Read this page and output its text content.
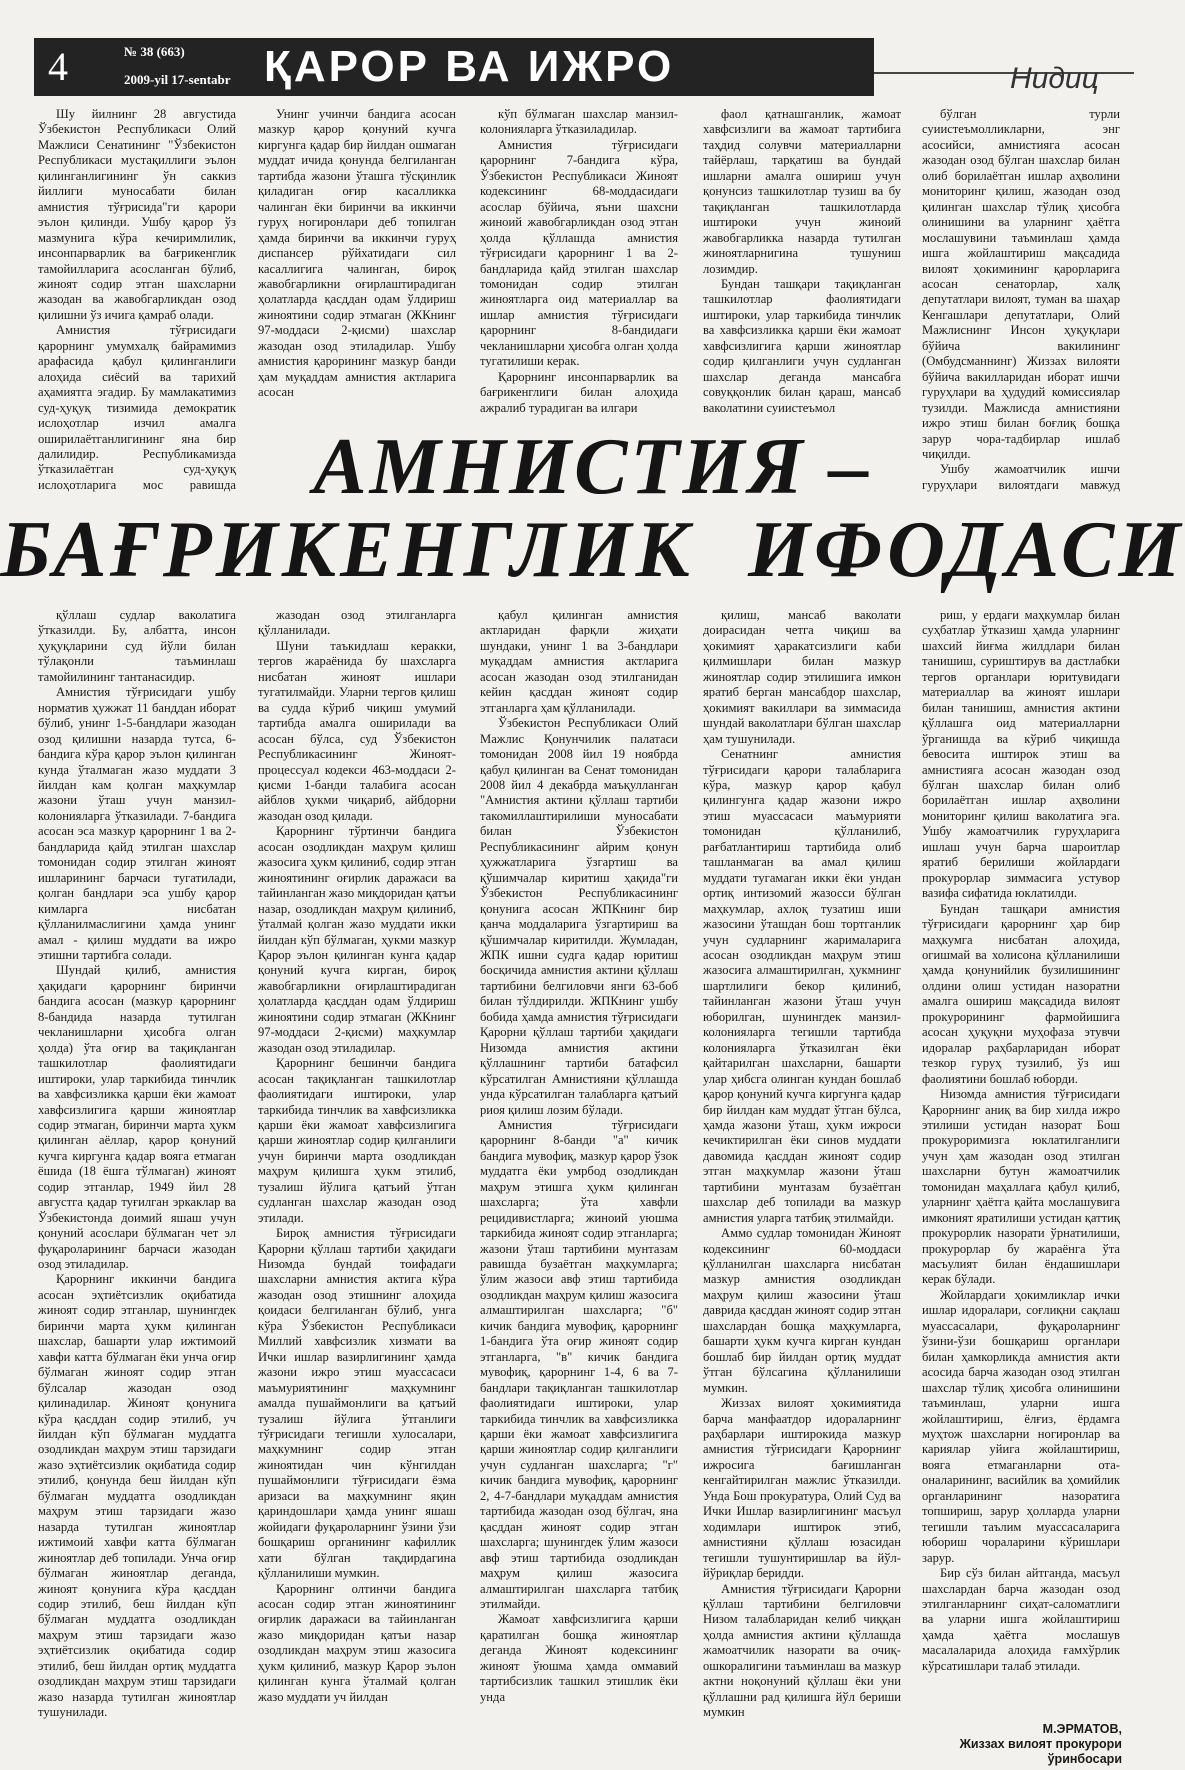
4	№ 38 (663)
2009-yil 17-sentabr ҚАРОР ВА ИЖРО	Нидиц

Шу йилнинг 28 августида Ўзбекистон Республикаси Олий Мажлиси Сенатининг "Ўзбекистон Республикаси мустақиллиги эълон қилинганлигининг ўн саккиз йиллиги муносабати билан амнистия тўғрисида"ги қарори эълон қилинди. Ушбу қарор ўз мазмунига кўра кечиримлилик, инсонпарварлик ва бағрикенглик тамойилларига асосланган бўлиб, жиноят содир этган шахсларни жазодан ва жавобгарликдан озод қилишни ўз ичига қамраб олади.

Амнистия тўғрисидаги қарорнинг умумхалқ байрамимиз арафасида қабул қилинганлиги алоҳида сиёсий ва тарихий аҳамиятга эгадир. Бу мамлакатимиз суд-ҳуқуқ тизимида демократик ислоҳотлар изчил амалга оширилаётганлигининг яна бир далилидир. Республикамизда ўтказилаётган суд-ҳуқуқ ислоҳотларига мос равишда

Унинг учинчи бандига асосан мазкур қарор қонуний кучга киргунга қадар бир йилдан ошмаган муддат ичида қонунда белгиланган тартибда жазони ўташга тўсқинлик қиладиган оғир касалликка чалинган ёки биринчи ва иккинчи гуруҳ ногиронлари деб топилган ҳамда биринчи ва иккинчи гуруҳ диспансер рўйхатидаги сил касаллигига чалинган, бироқ жавобгарликни оғирлаштирадиган ҳолатларда қасддан одам ўлдириш жиноятини содир этмаган (ЖКнинг 97-моддаси 2-қисми) шахслар жазодан озод этиладилар. Ушбу амнистия қарорининг мазкур банди ҳам муқаддам амнистия актларига асосан

кўп бўлмаган шахслар манзил-колонияларга ўтказиладилар.

Амнистия тўғрисидаги қарорнинг 7-бандига кўра, Ўзбекистон Республикаси Жиноят кодексининг 68-моддасидаги асослар бўйича, яъни шахсни жиноий жавобгарликдан озод этган ҳолда қўллашда амнистия тўғрисидаги қарорнинг 1 ва 2-бандларида қайд этилган шахслар томонидан содир этилган жиноятларга оид материаллар ва ишлар амнистия тўғрисидаги қарорнинг 8-бандидаги чекланишларни ҳисобга олган ҳолда тугатилиши керак.

Қарорнинг инсонпарварлик ва бағрикенглиги билан алоҳида ажралиб турадиган ва илгари

фаол қатнашганлик, жамоат хавфсизлиги ва жамоат тартибига таҳдид солувчи материалларни тайёрлаш, тарқатиш ва бундай ишларни амалга ошириш учун қонунсиз ташкилотлар тузиш ва бу тақиқланган ташкилотларда иштироки учун жиноий жавобгарликка назарда тутилган жиноятларнигина тушуниш лозимдир.

Бундан ташқари тақиқланган ташкилотлар фаолиятидаги иштироки, улар таркибида тинчлик ва хавфсизликка қарши ёки жамоат хавфсизлигига қарши жиноятлар содир қилганлиги учун судланган шахслар деганда мансабга совуққонлик билан қараш, мансаб ваколатини суиистеъмол

бўлган турли суиистеъмолликларни, энг асосийси, амнистияга асосан жазодан озод бўлган шахслар билан олиб борилаётган ишлар аҳволини мониторинг қилиш, жазодан озод қилинган шахслар тўлиқ ҳисобга олинишини ва уларнинг ҳаётга мослашувини таъминлаш ҳамда ишга жойлаштириш мақсадида вилоят ҳокимининг қарорларига асосан сенаторлар, халқ депутатлари вилоят, туман ва шаҳар Кенгашлари депутатлари, Олий Мажлиснинг Инсон ҳуқуқлари бўйича вакилининг (Омбудсманнинг) Жиззах вилояти бўйича вакилларидан иборат ишчи гуруҳлари ва ҳудудий комиссиялар тузилди. Мажлисда амнистияни ижро этиш билан боғлиқ бошқа зарур чора-тадбирлар ишлаб чиқилди.

Ушбу жамоатчилик ишчи гуруҳлари вилоятдаги мавжуд

АМНИСТИЯ –
БАҒРИКЕНГЛИК ИФОДАСИ

қўллаш судлар ваколатига ўтказилди. Бу, албатта, инсон ҳуқуқларини суд йўли билан тўлақонли таъминлаш тамойилининг тантанасидир.

Амнистия тўғрисидаги ушбу норматив ҳужжат 11 банддан иборат бўлиб, унинг 1-5-бандлари жазодан озод қилишни назарда тутса, 6-бандига кўра қарор эълон қилинган кунда ўталмаган жазо муддати 3 йилдан кам қолган маҳкумлар жазони ўташ учун манзил-колонияларга ўтказилади. 7-бандига асосан эса мазкур қарорнинг 1 ва 2-бандларида қайд этилган шахслар томонидан содир этилган жиноят ишларининг барчаси тугатилади, қолган бандлари эса ушбу қарор кимларга нисбатан қўлланилмаслигини ҳамда унинг амал - қилиш муддати ва ижро этишни тартибга солади.

Шундай қилиб, амнистия ҳақидаги қарорнинг биринчи бандига асосан (мазкур қарорнинг 8-бандида назарда тутилган чекланишларни ҳисобга олган ҳолда) ўта оғир ва тақиқланган ташкилотлар фаолиятидаги иштироки, улар таркибида тинчлик ва хавфсизликка қарши ёки жамоат хавфсизлигига қарши жиноятлар содир этмаган, биринчи марта ҳукм қилинган аёллар, қарор қонуний кучга киргунга қадар вояга етмаган ёшида (18 ёшга тўлмаган) жиноят содир этганлар, 1949 йил 28 августга қадар туғилган эркаклар ва Ўзбекистонда доимий яшаш учун қонуний асослари бўлмаган чет эл фуқароларининг барчаси жазодан озод этиладилар.

Қарорнинг иккинчи бандига асосан эҳтиётсизлик оқибатида жиноят содир этганлар, шунингдек биринчи марта ҳукм қилинган шахслар, башарти улар ижтимоий хавфи катта бўлмаган ёки унча оғир бўлмаган жиноят содир этган бўлсалар жазодан озод қилинадилар. Жиноят қонунига кўра қасддан содир этилиб, уч йилдан кўп бўлмаган муддатга озодликдан маҳрум этиш тарзидаги жазо эҳтиётсизлик оқибатида содир этилиб, қонунда беш йилдан кўп бўлмаган муддатга озодликдан маҳрум этиш тарзидаги жазо назарда тутилган жиноятлар ижтимоий хавфи катта бўлмаган жиноятлар деб топилади. Унча оғир бўлмаган жиноятлар деганда, жиноят қонунига кўра қасддан содир этилиб, беш йилдан кўп бўлмаган муддатга озодликдан маҳрум этиш тарзидаги жазо эҳтиётсизлик оқибатида содир этилиб, беш йилдан ортиқ муддатга озодликдан маҳрум этиш тарзидаги жазо назарда тутилган жиноятлар тушунилади.

жазодан озод этилганларга қўлланилади.

Шуни таъкидлаш керакки, тергов жараёнида бу шахсларга нисбатан жиноят ишлари тугатилмайди. Уларни тергов қилиш ва судда кўриб чиқиш умумий тартибда амалга оширилади ва асосан бўлса, суд Ўзбекистон Республикасининг Жиноят-процессуал кодекси 463-моддаси 2-қисми 1-банди талабига асосан айблов ҳукми чиқариб, айбдорни жазодан озод қилади.

Қарорнинг тўртинчи бандига асосан озодликдан маҳрум қилиш жазосига ҳукм қилиниб, содир этган жиноятининг оғирлик даражаси ва тайинланган жазо миқдоридан қатъи назар, озодликдан маҳрум қилиниб, ўталмай қолган жазо муддати икки йилдан кўп бўлмаган, ҳукми мазкур Қарор эълон қилинган кунга қадар қонуний кучга кирган, бироқ жавобгарликни оғирлаштирадиган ҳолатларда қасддан одам ўлдириш жиноятини содир этмаган (ЖКнинг 97-моддаси 2-қисми) маҳкумлар жазодан озод этиладилар.

Қарорнинг бешинчи бандига асосан тақиқланган ташкилотлар фаолиятидаги иштироки, улар таркибида тинчлик ва хавфсизликка қарши ёки жамоат хавфсизлигига қарши жиноятлар содир қилганлиги учун биринчи марта озодликдан маҳрум қилишга ҳукм этилиб, тузалиш йўлига қатъий ўтган судланган шахслар жазодан озод этилади.

Бироқ амнистия тўғрисидаги Қарорни қўллаш тартиби ҳақидаги Низомда бундай тоифадаги шахсларни амнистия актига кўра жазодан озод этишнинг алоҳида қоидаси белгиланган бўлиб, унга кўра Ўзбекистон Республикаси Миллий хавфсизлик хизмати ва Ички ишлар вазирлигининг ҳамда жазони ижро этиш муассасаси маъмуриятининг маҳкумнинг амалда пушаймонлиги ва қатъий тузалиш йўлига ўтганлиги тўғрисидаги тегишли хулосалари, маҳкумнинг содир этган жиноятидан чин кўнгилдан пушаймонлиги тўғрисидаги ёзма аризаси ва маҳкумнинг яқин қариндошлари ҳамда унинг яшаш жойидаги фуқароларнинг ўзини ўзи бошқариш органининг кафиллик хати бўлган тақдирдагина қўлланилиши мумкин.

Қарорнинг олтинчи бандига асосан содир этган жиноятининг оғирлик даражаси ва тайинланган жазо миқдоридан қатъи назар озодликдан маҳрум этиш жазосига ҳукм қилиниб, мазкур Қарор эълон қилинган кунга ўталмай қолган жазо муддати уч йилдан

қабул қилинган амнистия актларидан фарқли жиҳати шундаки, унинг 1 ва 3-бандлари муқаддам амнистия актларига асосан жазодан озод этилганидан кейин қасддан жиноят содир этганларга ҳам қўлланилади.

Ўзбекистон Республикаси Олий Мажлис Қонунчилик палатаси томонидан 2008 йил 19 ноябрда қабул қилинган ва Сенат томонидан 2008 йил 4 декабрда маъқулланган "Амнистия актини қўллаш тартиби такомиллаштирилиши муносабати билан Ўзбекистон Республикасининг айрим қонун ҳужжатларига ўзгартиш ва қўшимчалар киритиш ҳақида"ги Ўзбекистон Республикасининг қонунига асосан ЖПКнинг бир қанча моддаларига ўзгартириш ва қўшимчалар киритилди. Жумладан, ЖПК ишни судга қадар юритиш босқичида амнистия актини қўллаш тартибини белгиловчи янги 63-боб билан тўлдирилди. ЖПКнинг ушбу бобида ҳамда амнистия тўғрисидаги Қарорни қўллаш тартиби ҳақидаги Низомда амнистия актини қўллашнинг тартиби батафсил кўрсатилган Амнистияни қўллашда унда кўрсатилган талабларга қатъий риоя қилиш лозим бўлади.

Амнистия тўғрисидаги қарорнинг 8-банди "а" кичик бандига мувофиқ, мазкур қарор ўзок муддатга ёки умрбод озодликдан маҳрум этишга ҳукм қилинган шахсларга; ўта хавфли рецидивистларга; жиноий уюшма таркибида жиноят содир этганларга; жазони ўташ тартибини мунтазам равишда бузаётган маҳкумларга; ўлим жазоси авф этиш тартибида озодликдан маҳрум қилиш жазосига алмаштирилган шахсларга; "б" кичик бандига мувофиқ, қарорнинг 1-бандига ўта оғир жиноят содир этганларга, "в" кичик бандига мувофиқ, қарорнинг 1-4, 6 ва 7-бандлари тақиқланган ташкилотлар фаолиятидаги иштироки, улар таркибида тинчлик ва хавфсизликка қарши ёки жамоат хавфсизлигига қарши жиноятлар содир қилганлиги учун судланган шахсларга; "г" кичик бандига мувофиқ, қарорнинг 2, 4-7-бандлари муқаддам амнистия тартибида жазодан озод бўлгач, яна қасддан жиноят содир этган шахсларга; шунингдек ўлим жазоси авф этиш тартибида озодликдан маҳрум қилиш жазосига алмаштирилган шахсларга татбиқ этилмайди.

Жамоат хавфсизлигига қарши қаратилган бошқа жиноятлар деганда Жиноят кодексининг жиноят ўюшма ҳамда оммавий тартибсизлик ташкил этишлик ёки унда

қилиш, мансаб ваколати доирасидан четга чиқиш ва ҳокимият ҳаракатсизлиги каби қилмишлари билан мазкур жиноятлар содир этилишига имкон яратиб берган мансабдор шахслар, ҳокимият вакиллари ва зиммасида шундай ваколатлари бўлган шахслар ҳам тушунилади.

Сенатнинг амнистия тўғрисидаги қарори талабларига кўра, мазкур қарор қабул қилингунга қадар жазони ижро этиш муассасаси маъмурияти томонидан қўлланилиб, рағбатлантириш тартибида олиб ташланмаган ва амал қилиш муддати тугамаган икки ёки ундан ортиқ интизомий жазосси бўлган маҳкумлар, ахлоқ тузатиш иши жазосини ўташдан бош тортганлик учун судларнинг жарималарига асосан озодликдан маҳрум этиш жазосига алмаштирилган, ҳукмнинг шартлилиги бекор қилиниб, тайинланган жазони ўташ учун юборилган, шунингдек манзил-колонияларга тегишли тартибда колонияларга ўтказилган ёки қайтарилган шахсларни, башарти улар ҳибсга олинган кундан бошлаб қарор қонуний кучга киргунга қадар бир йилдан кам муддат ўтган бўлса, ҳамда жазони ўташ, ҳукм ижроси кечиктирилган ёки синов муддати давомида қасддан жиноят содир этган маҳкумлар жазони ўташ тартибини мунтазам бузаётган шахслар деб топилади ва мазкур амнистия уларга татбиқ этилмайди.

Аммо судлар томонидан Жиноят кодексининг 60-моддаси қўлланилган шахсларга нисбатан мазкур амнистия озодликдан маҳрум қилиш жазосини ўташ даврида қасддан жиноят содир этган шахслардан бошқа маҳкумларга, башарти ҳукм кучга кирган кундан бошлаб бир йилдан ортиқ муддат ўтган бўлсагина қўлланилиши мумкин.

Жиззах вилоят ҳокимиятида барча манфаатдор идораларнинг раҳбарлари иштирокида мазкур амнистия тўғрисидаги Қарорнинг ижросига бағишланган кенгайтирилган мажлис ўтказилди. Унда Бош прокуратура, Олий Суд ва Ички Ишлар вазирлигининг масъул ходимлари иштирок этиб, амнистияни қўллаш юзасидан тегишли тушунтиришлар ва йўл-йўриқлар беридди.

Амнистия тўғрисидаги Қарорни қўллаш тартибини белгиловчи Низом талабларидан келиб чиққан ҳолда амнистия актини қўллашда жамоатчилик назорати ва очиқ-ошкоралигини таъминлаш ва мазкур актни ноқонуний қўллаш ёки уни қўллашни рад қилишга йўл бериши мумкин

риш, у ердаги маҳкумлар билан суҳбатлар ўтказиш ҳамда уларнинг шахсий йиғма жилдлари билан танишиш, суриштирув ва дастлабки тергов органлари юритувидаги материаллар ва жиноят ишлари билан танишиш, амнистия актини қўллашга оид материалларни ўрганишда ва кўриб чиқишда бевосита иштирок этиш ва амнистияга асосан жазодан озод бўлган шахслар билан олиб борилаётган ишлар аҳволини мониторинг қилиш ваколатига эга. Ушбу жамоатчилик гуруҳларига ишлаш учун барча шароитлар яратиб берилиши жойлардаги прокурорлар зиммасига устувор вазифа сифатида юклатилди.

Бундан ташқари амнистия тўғрисидаги қарорнинг ҳар бир маҳкумга нисбатан алоҳида, огишмай ва холисона қўлланилиши ҳамда қонунийлик бузилишининг олдини олиш устидан назоратни амалга ошириш мақсадида вилоят прокурорининг фармойишига асосан ҳуқуқни муҳофаза этувчи идоралар раҳбарларидан иборат тезкор гуруҳ тузилиб, ўз иш фаолиятини бошлаб юборди.

Низомда амнистия тўғрисидаги Қарорнинг аниқ ва бир хилда ижро этилиши устидан назорат Бош прокуроримизга юклатилганлиги учун ҳам жазодан озод этилган шахсларни бутун жамоатчилик томонидан маҳаллага қабул қилиб, уларнинг ҳаётга қайта мослашувига имконият яратилиши устидан қаттиқ прокурорлик назорати ўрнатилиши, прокурорлар бу жараёнга ўта масъулият билан ёндашишлари керак бўлади.

Жойлардаги ҳокимликлар ички ишлар идоралари, соғлиқни сақлаш муассасалари, фуқароларнинг ўзини-ўзи бошқариш органлари билан ҳамкорликда амнистия акти асосида барча жазодан озод этилган шахслар тўлиқ ҳисобга олинишини таъминлаш, уларни ишга жойлаштириш, ёлғиз, ёрдамга муҳтож шахсларни ногиронлар ва кариялар уйига жойлаштириш, вояга етмаганларни ота-оналарининг, васийлик ва ҳомийлик органларининг назоратига топшириш, зарур ҳолларда уларни тегишли таълим муассасаларига юбориш чораларини кўришлари зарур.

Бир сўз билан айтганда, масъул шахслардан барча жазодан озод этилганларнинг сиҳат-саломатлиги ва уларни ишга жойлаштириш ҳамда ҳаётга мослашув масалаларида алоҳида ғамхўрлик кўрсатишлари талаб этилади.

М.ЭРМАТОВ,
Жиззах вилоят прокурори
ўринбосари
